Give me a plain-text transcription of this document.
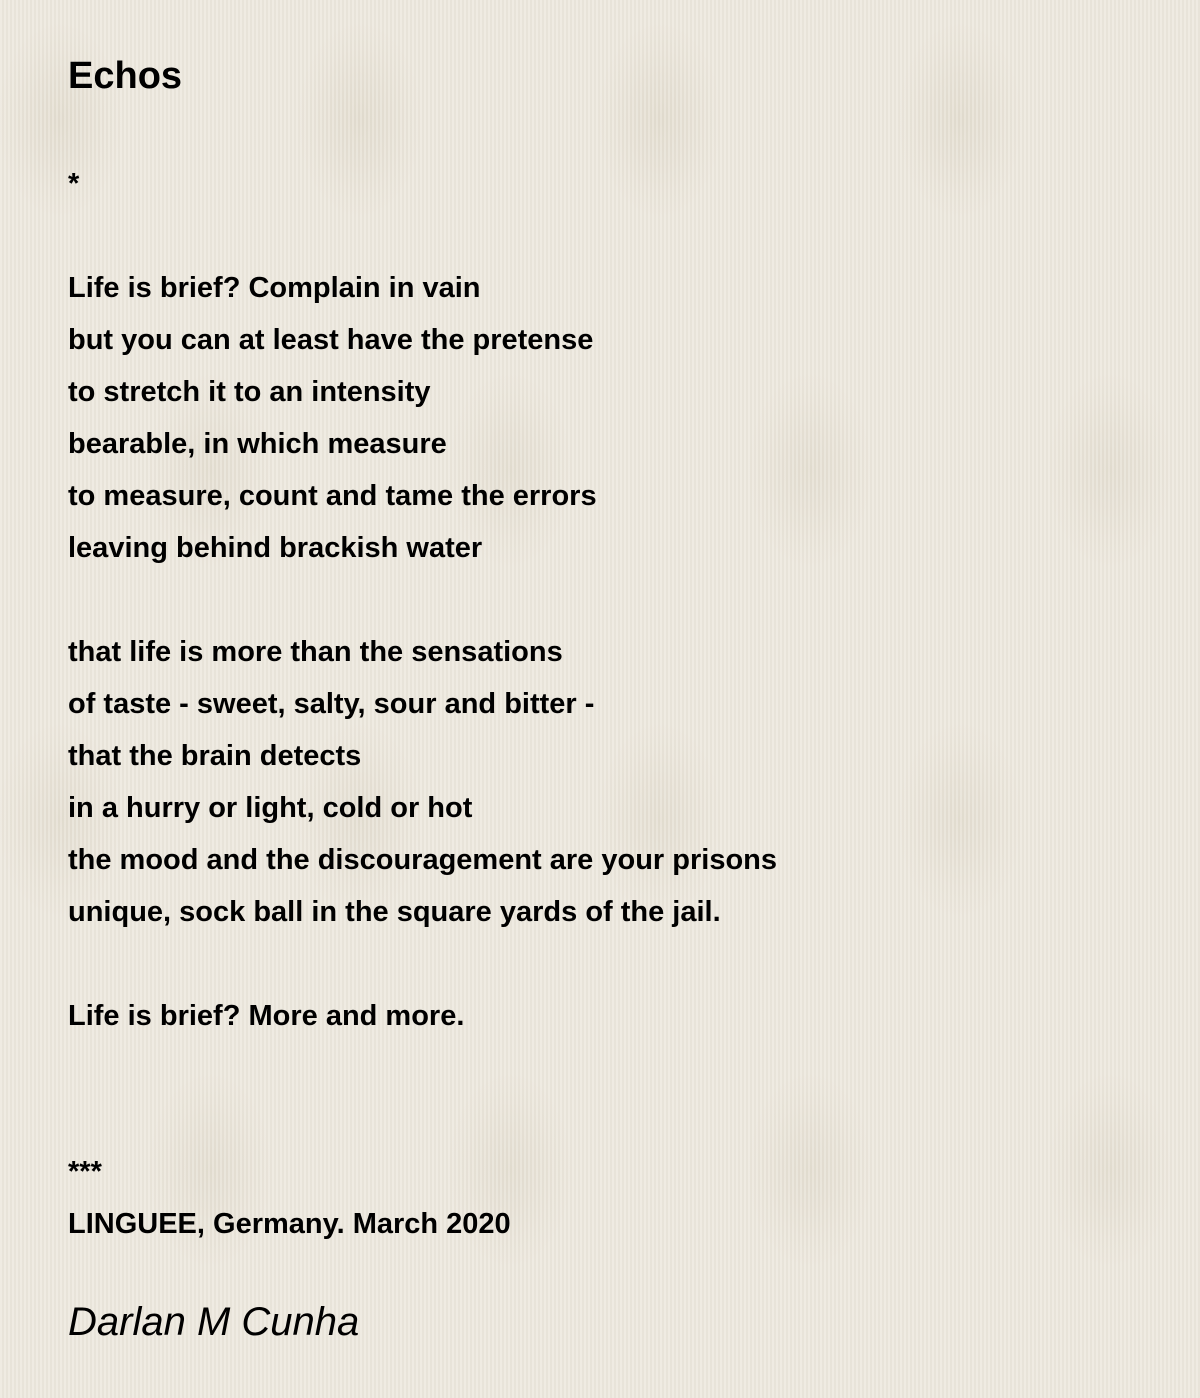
Echos
*
Life is brief? Complain in vain
but you can at least have the pretense
to stretch it to an intensity
bearable, in which measure
to measure, count and tame the errors
leaving behind brackish water
that life is more than the sensations
of taste - sweet, salty, sour and bitter -
that the brain detects
in a hurry or light, cold or hot
the mood and the discouragement are your prisons
unique, sock ball in the square yards of the jail.
Life is brief? More and more.
***
LINGUEE, Germany. March 2020
Darlan M Cunha
